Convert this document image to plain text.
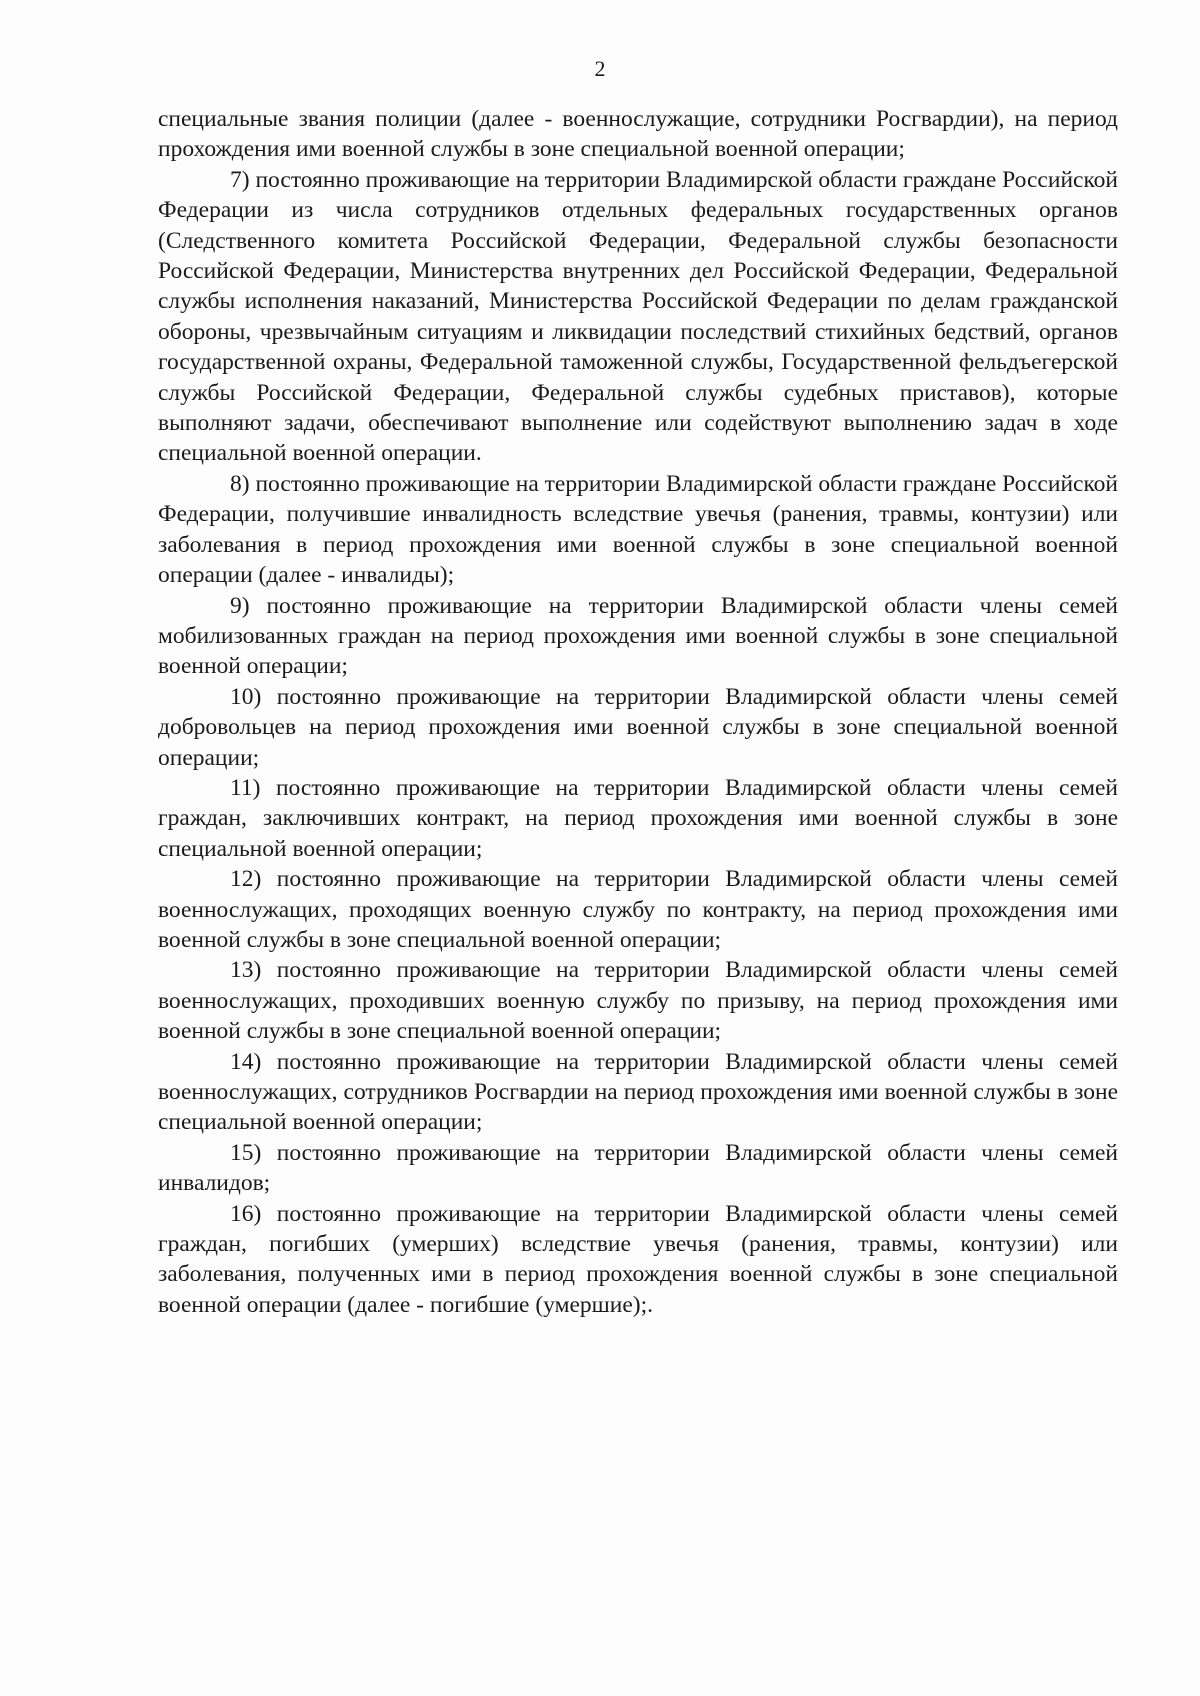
2

специальные звания полиции (далее - военнослужащие, сотрудники Росгвардии), на период прохождения ими военной службы в зоне специальной военной операции;

7) постоянно проживающие на территории Владимирской области граждане Российской Федерации из числа сотрудников отдельных федеральных государственных органов (Следственного комитета Российской Федерации, Федеральной службы безопасности Российской Федерации, Министерства внутренних дел Российской Федерации, Федеральной службы исполнения наказаний, Министерства Российской Федерации по делам гражданской обороны, чрезвычайным ситуациям и ликвидации последствий стихийных бедствий, органов государственной охраны, Федеральной таможенной службы, Государственной фельдъегерской службы Российской Федерации, Федеральной службы судебных приставов), которые выполняют задачи, обеспечивают выполнение или содействуют выполнению задач в ходе специальной военной операции.

8) постоянно проживающие на территории Владимирской области граждане Российской Федерации, получившие инвалидность вследствие увечья (ранения, травмы, контузии) или заболевания в период прохождения ими военной службы в зоне специальной военной операции (далее - инвалиды);

9) постоянно проживающие на территории Владимирской области члены семей мобилизованных граждан на период прохождения ими военной службы в зоне специальной военной операции;

10) постоянно проживающие на территории Владимирской области члены семей добровольцев на период прохождения ими военной службы в зоне специальной военной операции;

11) постоянно проживающие на территории Владимирской области члены семей граждан, заключивших контракт, на период прохождения ими военной службы в зоне специальной военной операции;

12) постоянно проживающие на территории Владимирской области члены семей военнослужащих, проходящих военную службу по контракту, на период прохождения ими военной службы в зоне специальной военной операции;

13) постоянно проживающие на территории Владимирской области члены семей военнослужащих, проходивших военную службу по призыву, на период прохождения ими военной службы в зоне специальной военной операции;

14) постоянно проживающие на территории Владимирской области члены семей военнослужащих, сотрудников Росгвардии на период прохождения ими военной службы в зоне специальной военной операции;

15) постоянно проживающие на территории Владимирской области члены семей инвалидов;

16) постоянно проживающие на территории Владимирской области члены семей граждан, погибших (умерших) вследствие увечья (ранения, травмы, контузии) или заболевания, полученных ими в период прохождения военной службы в зоне специальной военной операции (далее - погибшие (умершие);.
